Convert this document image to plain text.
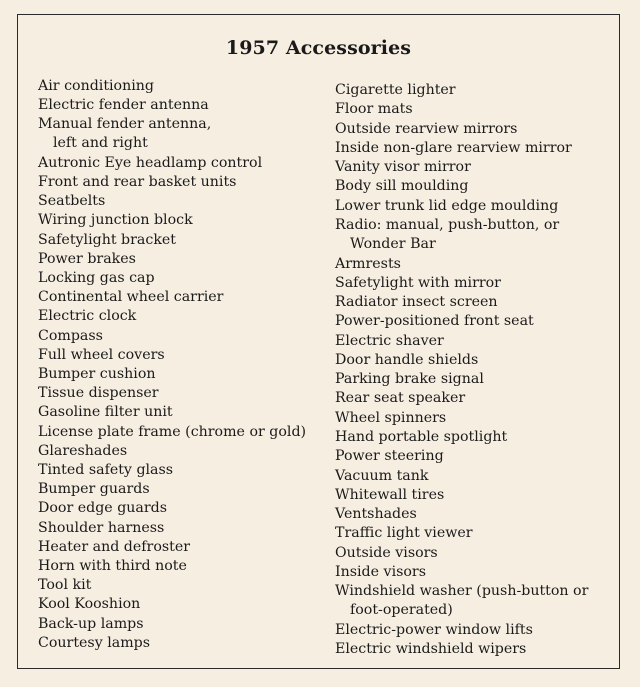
1957 Accessories
Air conditioning
Electric fender antenna
Manual fender antenna,
left and right
Autronic Eye headlamp control
Front and rear basket units
Seatbelts
Wiring junction block
Safetylight bracket
Power brakes
Locking gas cap
Continental wheel carrier
Electric clock
Compass
Full wheel covers
Bumper cushion
Tissue dispenser
Gasoline filter unit
License plate frame (chrome or gold)
Glareshades
Tinted safety glass
Bumper guards
Door edge guards
Shoulder harness
Heater and defroster
Horn with third note
Tool kit
Kool Kooshion
Back-up lamps
Courtesy lamps
Cigarette lighter
Floor mats
Outside rearview mirrors
Inside non-glare rearview mirror
Vanity visor mirror
Body sill moulding
Lower trunk lid edge moulding
Radio: manual, push-button, or
Wonder Bar
Armrests
Safetylight with mirror
Radiator insect screen
Power-positioned front seat
Electric shaver
Door handle shields
Parking brake signal
Rear seat speaker
Wheel spinners
Hand portable spotlight
Power steering
Vacuum tank
Whitewall tires
Ventshades
Traffic light viewer
Outside visors
Inside visors
Windshield washer (push-button or
foot-operated)
Electric-power window lifts
Electric windshield wipers
